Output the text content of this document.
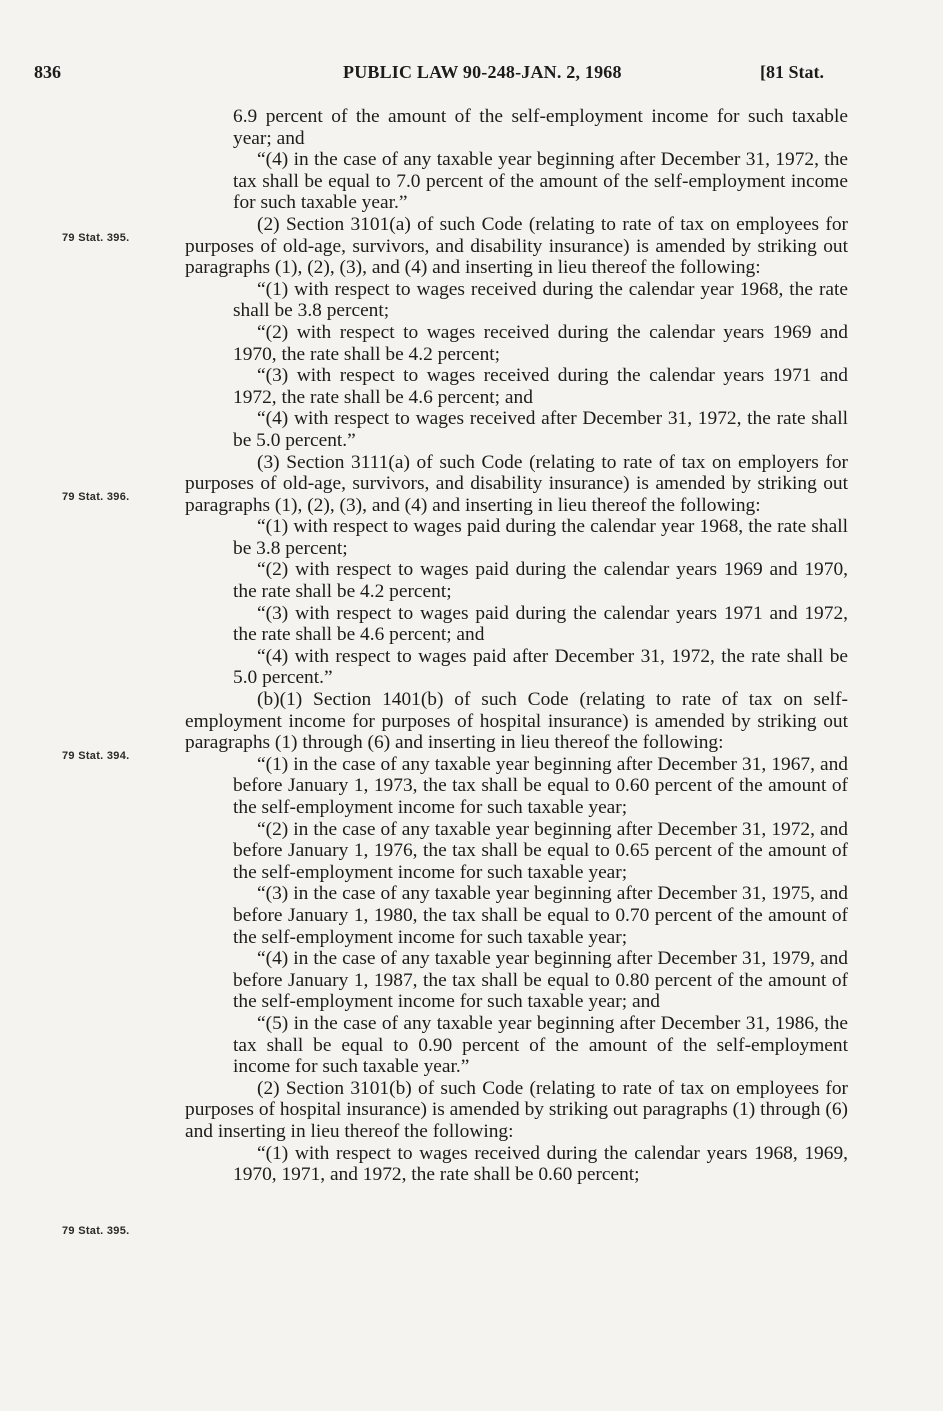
836	PUBLIC LAW 90-248-JAN. 2, 1968	[81 Stat.
79 Stat. 395.
79 Stat. 396.
79 Stat. 394.
79 Stat. 395.

6.9 percent of the amount of the self-employment income for such taxable year; and

“(4) in the case of any taxable year beginning after December 31, 1972, the tax shall be equal to 7.0 percent of the amount of the self-employment income for such taxable year.”

(2) Section 3101(a) of such Code (relating to rate of tax on employees for purposes of old-age, survivors, and disability insurance) is amended by striking out paragraphs (1), (2), (3), and (4) and inserting in lieu thereof the following:

“(1) with respect to wages received during the calendar year 1968, the rate shall be 3.8 percent;

“(2) with respect to wages received during the calendar years 1969 and 1970, the rate shall be 4.2 percent;

“(3) with respect to wages received during the calendar years 1971 and 1972, the rate shall be 4.6 percent; and

“(4) with respect to wages received after December 31, 1972, the rate shall be 5.0 percent.”

(3) Section 3111(a) of such Code (relating to rate of tax on employers for purposes of old-age, survivors, and disability insurance) is amended by striking out paragraphs (1), (2), (3), and (4) and inserting in lieu thereof the following:

“(1) with respect to wages paid during the calendar year 1968, the rate shall be 3.8 percent;

“(2) with respect to wages paid during the calendar years 1969 and 1970, the rate shall be 4.2 percent;

“(3) with respect to wages paid during the calendar years 1971 and 1972, the rate shall be 4.6 percent; and

“(4) with respect to wages paid after December 31, 1972, the rate shall be 5.0 percent.”

(b)(1) Section 1401(b) of such Code (relating to rate of tax on self-employment income for purposes of hospital insurance) is amended by striking out paragraphs (1) through (6) and inserting in lieu thereof the following:

“(1) in the case of any taxable year beginning after December 31, 1967, and before January 1, 1973, the tax shall be equal to 0.60 percent of the amount of the self-employment income for such taxable year;

“(2) in the case of any taxable year beginning after December 31, 1972, and before January 1, 1976, the tax shall be equal to 0.65 percent of the amount of the self-employment income for such taxable year;

“(3) in the case of any taxable year beginning after December 31, 1975, and before January 1, 1980, the tax shall be equal to 0.70 percent of the amount of the self-employment income for such taxable year;

“(4) in the case of any taxable year beginning after December 31, 1979, and before January 1, 1987, the tax shall be equal to 0.80 percent of the amount of the self-employment income for such taxable year; and

“(5) in the case of any taxable year beginning after December 31, 1986, the tax shall be equal to 0.90 percent of the amount of the self-employment income for such taxable year.”

(2) Section 3101(b) of such Code (relating to rate of tax on employees for purposes of hospital insurance) is amended by striking out paragraphs (1) through (6) and inserting in lieu thereof the following:

“(1) with respect to wages received during the calendar years 1968, 1969, 1970, 1971, and 1972, the rate shall be 0.60 percent;
